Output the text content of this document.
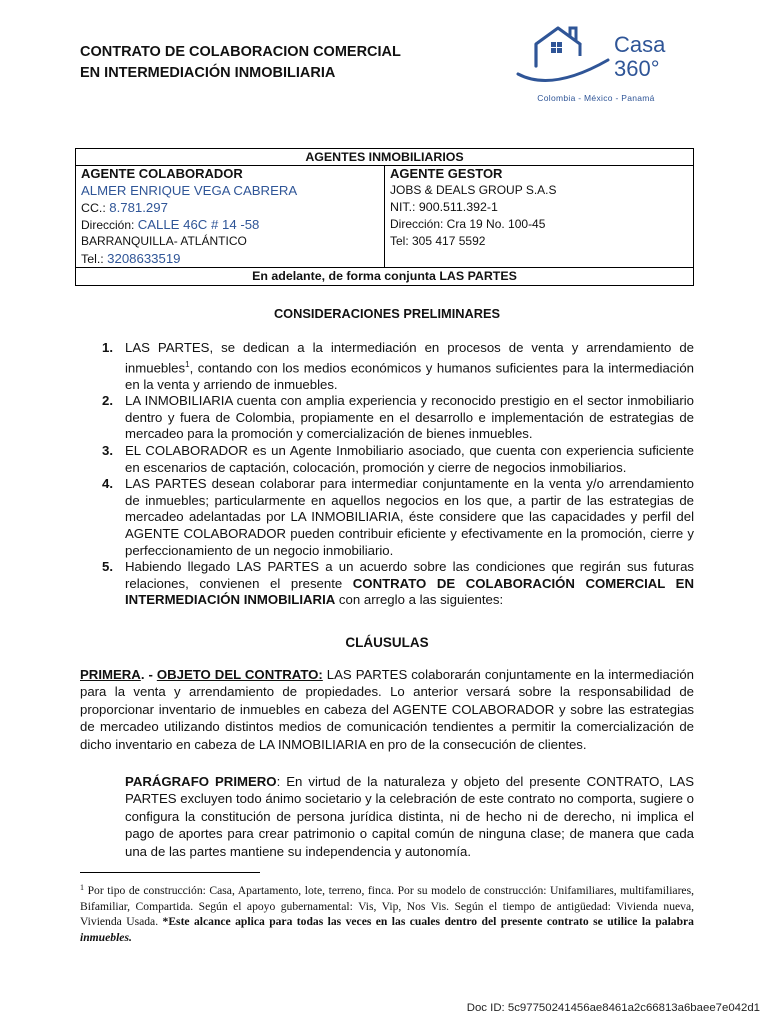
CONTRATO DE COLABORACION COMERCIAL
EN INTERMEDIACIÓN INMOBILIARIA
Casa
360°
Colombia - México - Panamá
AGENTES INMOBILIARIOS

AGENTE COLABORADOR
ALMER ENRIQUE VEGA CABRERA
CC.: 8.781.297
Dirección: CALLE 46C # 14 -58
BARRANQUILLA- ATLÁNTICO
Tel.: 3208633519

AGENTE GESTOR
JOBS & DEALS GROUP S.A.S
NIT.: 900.511.392-1
Dirección: Cra 19 No. 100-45
Tel: 305 417 5592

En adelante, de forma conjunta LAS PARTES
CONSIDERACIONES PRELIMINARES
1. LAS PARTES, se dedican a la intermediación en procesos de venta y arrendamiento de inmuebles$^1$, contando con los medios económicos y humanos suficientes para la intermediación en la venta y arriendo de inmuebles.
2. LA INMOBILIARIA cuenta con amplia experiencia y reconocido prestigio en el sector inmobiliario dentro y fuera de Colombia, propiamente en el desarrollo e implementación de estrategias de mercadeo para la promoción y comercialización de bienes inmuebles.
3. EL COLABORADOR es un Agente Inmobiliario asociado, que cuenta con experiencia suficiente en escenarios de captación, colocación, promoción y cierre de negocios inmobiliarios.
4. LAS PARTES desean colaborar para intermediar conjuntamente en la venta y/o arrendamiento de inmuebles; particularmente en aquellos negocios en los que, a partir de las estrategias de mercadeo adelantadas por LA INMOBILIARIA, éste considere que las capacidades y perfil del AGENTE COLABORADOR pueden contribuir eficiente y efectivamente en la promoción, cierre y perfeccionamiento de un negocio inmobiliario.
5. Habiendo llegado LAS PARTES a un acuerdo sobre las condiciones que regirán sus futuras relaciones, convienen el presente CONTRATO DE COLABORACIÓN COMERCIAL EN INTERMEDIACIÓN INMOBILIARIA con arreglo a las siguientes:
CLÁUSULAS
PRIMERA. - OBJETO DEL CONTRATO: LAS PARTES colaborarán conjuntamente en la intermediación para la venta y arrendamiento de propiedades. Lo anterior versará sobre la responsabilidad de proporcionar inventario de inmuebles en cabeza del AGENTE COLABORADOR y sobre las estrategias de mercadeo utilizando distintos medios de comunicación tendientes a permitir la comercialización de dicho inventario en cabeza de LA INMOBILIARIA en pro de la consecución de clientes.
PARÁGRAFO PRIMERO: En virtud de la naturaleza y objeto del presente CONTRATO, LAS PARTES excluyen todo ánimo societario y la celebración de este contrato no comporta, sugiere o configura la constitución de persona jurídica distinta, ni de hecho ni de derecho, ni implica el pago de aportes para crear patrimonio o capital común de ninguna clase; de manera que cada una de las partes mantiene su independencia y autonomía.
$^1$ Por tipo de construcción: Casa, Apartamento, lote, terreno, finca. Por su modelo de construcción: Unifamiliares, multifamiliares, Bifamiliar, Compartida. Según el apoyo gubernamental: Vis, Vip, Nos Vis. Según el tiempo de antigüedad: Vivienda nueva, Vivienda Usada. *Este alcance aplica para todas las veces en las cuales dentro del presente contrato se utilice la palabra inmuebles.
Doc ID: 5c97750241456ae8461a2c66813a6baee7e042d1
